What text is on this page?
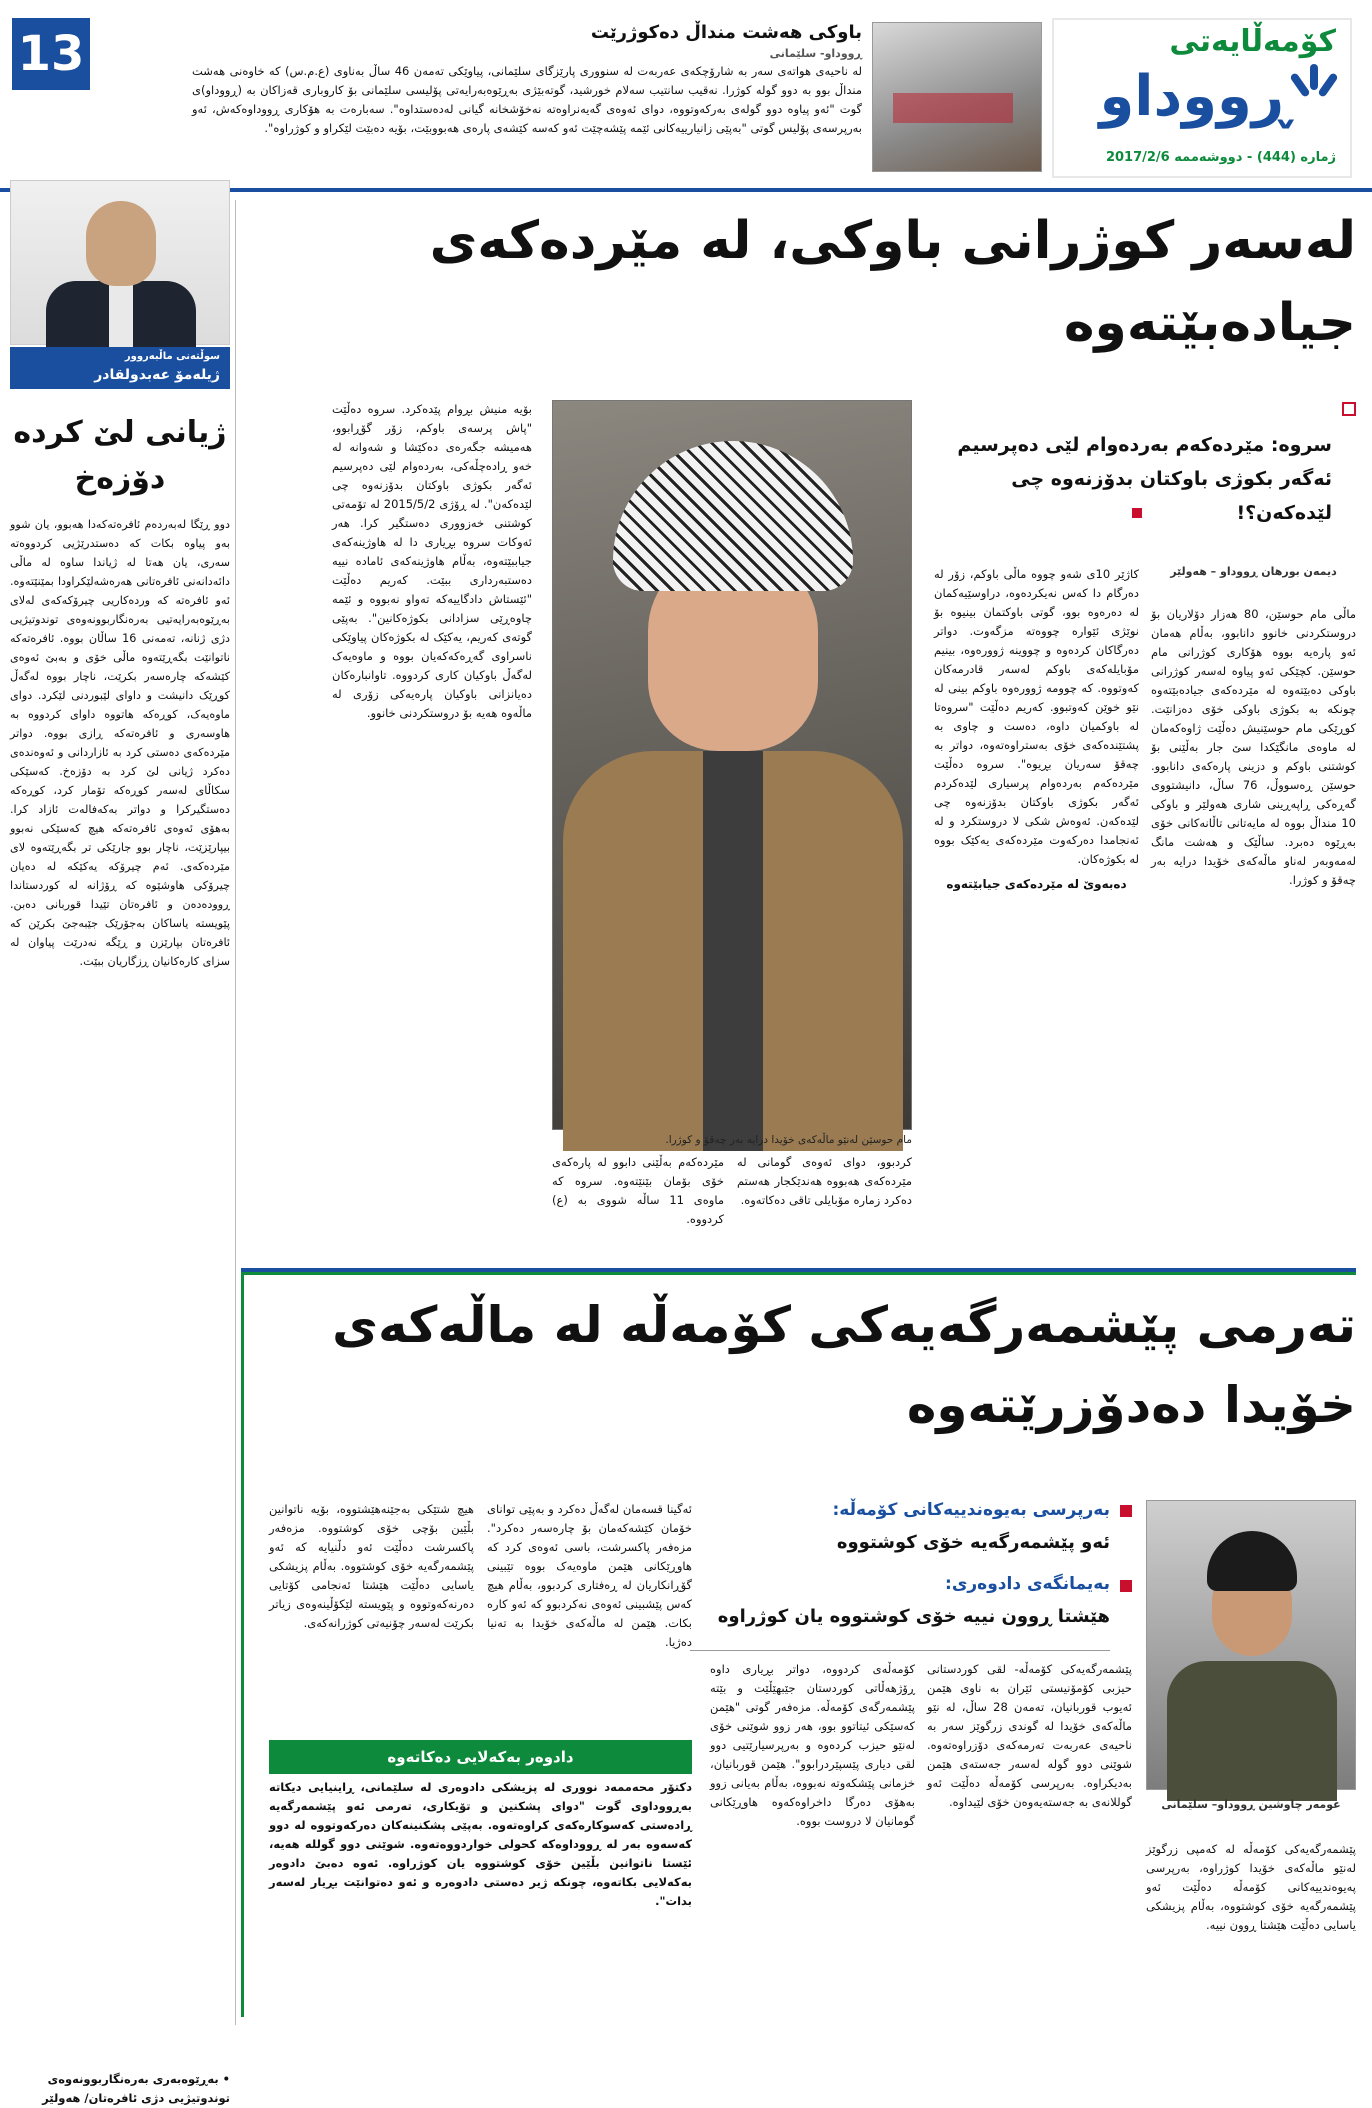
کۆمەڵایەتی
ڕووداو
ژمارە (444) - دووشەممە 2017/2/6
باوکی هەشت منداڵ دەکوژرێت
ڕووداو- سلێمانی
لە ناحیەی هواتەی سەر بە شارۆچکەی عەربەت لە سنووری پارێزگای سلێمانی، پیاوێکی تەمەن 46 ساڵ بەناوی (ع.م.س) کە خاوەنی هەشت منداڵ بوو بە دوو گولە کوژرا. نەقیب سانتیب سەلام خورشید، گوتەبێژی بەڕێوەبەرایەتی پۆلیسی سلێمانی بۆ کاروباری قەزاکان بە (ڕووداو)ی گوت "ئەو پیاوە دوو گولەی بەرکەوتووە، دوای ئەوەی گەیەنراوەتە نەخۆشخانە گیانی لەدەستداوە". سەبارەت بە هۆکاری ڕووداوەکەش، ئەو بەرپرسەی پۆلیس گوتی "بەپێی زانیارییەکانی ئێمە پێشەچێت ئەو کەسە کێشەی پارەی هەبووبێت، بۆیە دەبێت لێکراو و کوژراوە".
13
سوڵتەنی ماڵبەروور
ژیلەمۆ عەبدولقادر
ژیانی لێ کردە دۆزەخ
دوو ڕێگا لەبەردەم ئافرەتەکەدا هەبوو، یان شوو بەو پیاوە بکات کە دەستدرێژیی کردووەتە سەری، یان هەتا لە ژیاندا ساوە لە ماڵی دائەدانەنی ئافرەتانی هەرەشەلێکراودا بمێنێتەوە. ئەو ئافرەتە کە وردەکاریی چیرۆکەکەی لەلای بەڕێوەبەرایەتیی بەرەنگاربوونەوەی توندوتیژیی دژی ژنانە، تەمەنی 16 ساڵان بووە. ئافرەتەکە ناتوانێت بگەڕێتەوە ماڵی خۆی و بەبێ ئەوەی کێشەکە چارەسەر بکرێت، ناچار بووە لەگەڵ کوڕێک دانیشت و داوای لێبوردنی لێکرد. دوای ماوەیەک، کوڕەکە هاتووە داوای کردووە بە هاوسەری و ئافرەتەکە ڕازی بووە. دواتر مێردەکەی دەستی کرد بە ئازاردانی و ئەوەندەی دەکرد ژیانی لێ کرد بە دۆزەخ. کەسێکی سکاڵای لەسەر کوڕەکە تۆمار کرد، کوڕەکە دەستگیرکرا و دواتر بەکەفالەت ئازاد کرا. بەهۆی ئەوەی ئافرەتەکە هیچ کەسێکی نەبوو بیپارێزێت، ناچار بوو جارێکی تر بگەڕێتەوە لای مێردەکەی. ئەم چیرۆکە یەکێکە لە دەیان چیرۆکی هاوشێوە کە ڕۆژانە لە کوردستاندا ڕوودەدەن و ئافرەتان تێیدا قوربانی دەبن. پێویستە یاساکان بەجۆرێک جێبەجێ بکرێن کە ئافرەتان بپارێزن و ڕێگە نەدرێت پیاوان لە سزای کارەکانیان ڕزگاریان ببێت.
• بەڕێوەبەری بەرەنگاربوونەوەی توندوتیژیی دژی ئافرەتان/ هەولێر
لەسەر کوژرانی باوکی، لە مێردەکەی جیادەبێتەوە
سروە: مێردەکەم بەردەوام لێی دەپرسیم ئەگەر بکوژی باوکتان بدۆزنەوە چی لێدەکەن؟!
دیمەن بورهان ڕووداو – هەولێر

ماڵی مام حوسێن، 80 هەزار دۆلاریان بۆ دروستکردنی خانوو دانابوو، بەڵام هەمان ئەو پارەیە بووە هۆکاری کوژرانی مام حوسێن. کچێکی ئەو پیاوە لەسەر کوژرانی باوکی دەبێتەوە لە مێردەکەی جیادەبێتەوە چونکە بە بکوژی باوکی خۆی دەزانێت. کوڕێکی مام حوسێنیش دەڵێت ژاوەکەمان لە ماوەی مانگێکدا سێ جار بەڵێنی بۆ کوشتنی باوکم و دزینی پارەکەی دانابوو. حوسێن ڕەسووڵ، 76 ساڵ، دانیشتووی گەڕەکی ڕاپەڕینی شاری هەولێر و باوکی 10 منداڵ بووە لە مایەتانی تاڵانەکانی خۆی بەڕێوە دەبرد. ساڵێک و هەشت مانگ لەمەوبەر لەناو ماڵەکەی خۆیدا درایە بەر چەقۆ و کوژرا.

کاژێر 10ی شەو چووە ماڵی باوکم، زۆر لە دەرگام دا کەس نەیکردەوە، دراوسێیەکمان لە دەرەوە بوو، گوتی باوکتمان بینیوە بۆ نوێژی ئێوارە چووەتە مزگەوت. دواتر دەرگاکان کردەوە و چووینە ژوورەوە، بینیم مۆبایلەکەی باوکم لەسەر قادرمەکان کەوتووە. کە چوومە ژوورەوە باوکم بینی لە نێو خوێن کەوتبوو. کەریم دەڵێت "سروەتا لە باوکمیان داوە، دەست و چاوی بە پشتێندەکەی خۆی بەستراوەتەوە، دواتر بە چەقۆ سەریان بڕیوە". سروە دەڵێت مێردەکەم بەردەوام پرسیاری لێدەکردم ئەگەر بکوژی باوکتان بدۆزنەوە چی لێدەکەن. ئەوەش شکی لا دروستکرد و لە ئەنجامدا دەرکەوت مێردەکەی یەکێک بووە لە بکوژەکان.

دەبەوێ لە مێردەکەی جیابێتەوە
مام حوسێن لەنێو ماڵەکەی خۆیدا درایە بەر چەقۆ و کوژرا.

بۆیە منیش بڕوام پێدەکرد. سروە دەڵێت "پاش پرسەی باوکم، زۆر گۆڕابوو، هەمیشە جگەرەی دەکێشا و شەوانە لە خەو ڕادەچڵەکی، بەردەوام لێی دەپرسیم ئەگەر بکوژی باوکتان بدۆزنەوە چی لێدەکەن". لە ڕۆژی 2015/5/2 لە تۆمەتی کوشتنی خەزووری دەستگیر کرا. هەر ئەوکات سروە بڕیاری دا لە هاوژینەکەی جیاببێتەوە، بەڵام هاوژینەکەی ئامادە نییە دەستبەرداری ببێت. کەریم دەڵێت "ئێستاش دادگاییەکە تەواو نەبووە و ئێمە چاوەڕێی سزادانی بکوژەکانین". بەپێی گوتەی کەریم، یەکێک لە بکوژەکان پیاوێکی ناسراوی گەڕەکەکەیان بووە و ماوەیەک لەگەڵ باوکیان کاری کردووە. تاوانبارەکان دەیانزانی باوکیان پارەیەکی زۆری لە ماڵەوە هەیە بۆ دروستکردنی خانوو.

کردبوو، دوای ئەوەی گومانی لە مێردەکەی هەبووە هەندێکجار هەستم دەکرد زمارە مۆبایلی تاقی دەکاتەوە.
مێردەکەم بەڵێنی دابوو لە پارەکەی خۆی بۆمان بێنێتەوە. سروە کە ماوەی 11 ساڵە شووی بە (ع) کردووە.
تەرمی پێشمەرگەیەکی کۆمەڵە لە ماڵەکەی خۆیدا دەدۆزرێتەوە
عومەر چاوشین ڕووداو– سلێمانی
پێشمەرگەیەکی کۆمەڵە لە کەمپی زرگوێز لەنێو ماڵەکەی خۆیدا کوژراوە، بەرپرسی پەیوەندییەکانی کۆمەڵە دەڵێت ئەو پێشمەرگەیە خۆی کوشتووە، بەڵام پزیشکی یاسایی دەڵێت هێشتا ڕوون نییە.
بەرپرسی بەیوەندییەکانی کۆمەڵە:
ئەو پێشمەرگەیە خۆی کوشتووە
بەیمانگەی دادوەری:
هێشتا ڕوون نییە خۆی کوشتووە یان کوژراوە
پێشمەرگەیەکی کۆمەڵە- لقی کوردستانی حیزبی کۆمۆنیستی ئێران بە ناوی هێمن ئەیوب قوربانیان، تەمەن 28 ساڵ، لە نێو ماڵەکەی خۆیدا لە گوندی زرگوێز سەر بە ناحیەی عەربەت تەرمەکەی دۆزراوەتەوە. شوێنی دوو گولە لەسەر جەستەی هێمن بەدیکراوە. بەرپرسی کۆمەڵە دەڵێت ئەو گوللانەی بە جەستەیەوەن خۆی لێیداوە.
کۆمەڵەی کردووە، دواتر بڕیاری داوە ڕۆژهەڵاتی کوردستان جێبهێڵێت و بێتە پێشمەرگەی کۆمەڵە. مزەفەر گوتی "هێمن کەسێکی ئیتاتوو بوو، هەر زوو شوێنی خۆی لەنێو حیزب کردەوە و بەرپرسیارێتیی دوو لقی دیاری پێسپێردرابوو". هێمن قوربانیان، خزمانی پێشکەوتە نەبووە، بەڵام بەیانی زوو بەهۆی دەرگا داخراوەکەوە هاوڕێکانی گومانیان لا دروست بووە.
ئەگینا قسەمان لەگەڵ دەکرد و بەپێی توانای خۆمان کێشەکەمان بۆ چارەسەر دەکرد". مزەفەر پاکسرشت، باسی ئەوەی کرد کە هاوڕێکانی هێمن ماوەیەک بووە تێبینی گۆڕانکاریان لە ڕەفتاری کردبوو، بەڵام هیچ کەس پێشبینی ئەوەی نەکردبوو کە ئەو کارە بکات. هێمن لە ماڵەکەی خۆیدا بە تەنیا دەژیا.
هیچ شتێکی بەجێنەهێشتووە، بۆیە ناتوانین بڵێین بۆچی خۆی کوشتووە. مزەفەر پاکسرشت دەڵێت ئەو دڵنیایە کە ئەو پێشمەرگەیە خۆی کوشتووە. بەڵام پزیشکی یاسایی دەڵێت هێشتا ئەنجامی کۆتایی دەرنەکەوتووە و پێویستە لێکۆڵینەوەی زیاتر بکرێت لەسەر چۆنیەتی کوژرانەکەی.
دادوەر بەکەلایی دەکاتەوە
دکتۆر محەممەد نووری لە پزیشکی دادوەری لە سلێمانی، ڕاینیایی دیکاتە بەڕووداوی گوت "دوای پشکنین و تۆیکاری، تەرمی ئەو پێشمەرگەیە ڕادەستی کەسوکارەکەی کراوەتەوە. بەپێی پشکنینەکان دەرکەوتووە لە دوو کەسەوە بەر لە ڕووداوەکە کحولی خواردووەتەوە. شوێنی دوو گوللە هەیە، ئێستا ناتوانین بڵێین خۆی کوشتووە یان کوژراوە. ئەوە دەبێ دادوەر بەکەلایی بکاتەوە، چونکە ژیر دەستی دادوەرە و ئەو دەتوانێت بڕیار لەسەر بدات".
